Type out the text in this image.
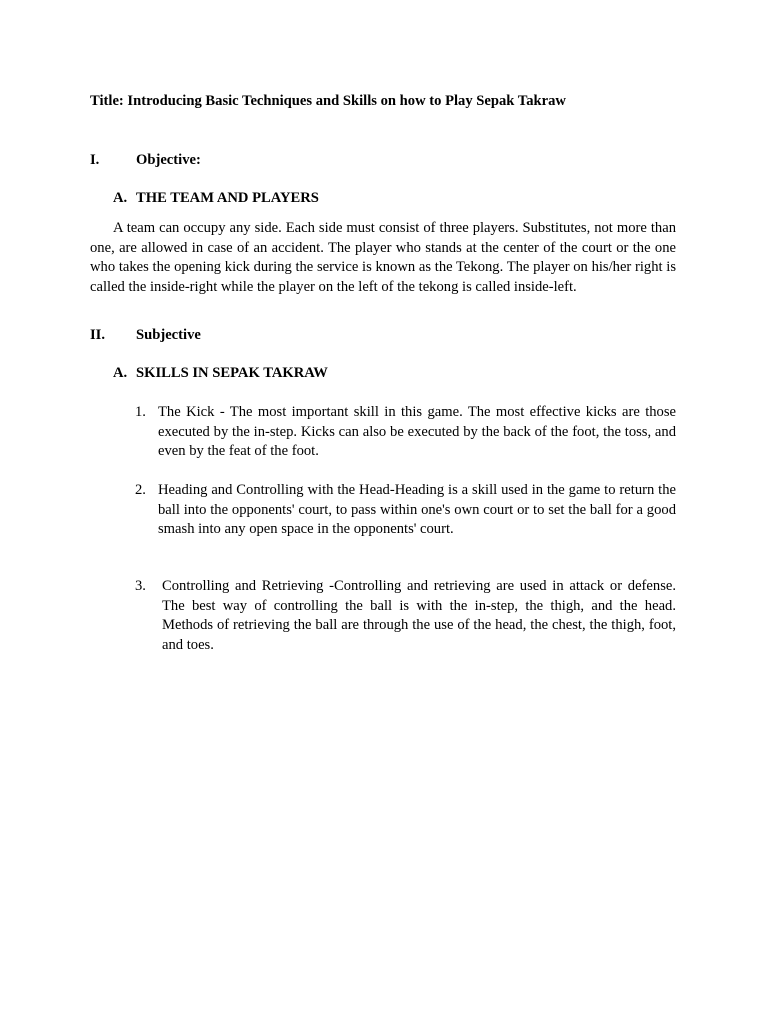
Title: Introducing Basic Techniques and Skills on how to Play Sepak Takraw
I.	Objective:
A. THE TEAM AND PLAYERS
A team can occupy any side. Each side must consist of three players. Substitutes, not more than one, are allowed in case of an accident. The player who stands at the center of the court or the one who takes the opening kick during the service is known as the Tekong. The player on his/her right is called the inside-right while the player on the left of the tekong is called inside-left.
II. Subjective
A. SKILLS IN SEPAK TAKRAW
1. The Kick - The most important skill in this game. The most effective kicks are those executed by the in-step. Kicks can also be executed by the back of the foot, the toss, and even by the feat of the foot.
2. Heading and Controlling with the Head-Heading is a skill used in the game to return the ball into the opponents' court, to pass within one's own court or to set the ball for a good smash into any open space in the opponents' court.
3. Controlling and Retrieving -Controlling and retrieving are used in attack or defense. The best way of controlling the ball is with the in-step, the thigh, and the head. Methods of retrieving the ball are through the use of the head, the chest, the thigh, foot, and toes.
